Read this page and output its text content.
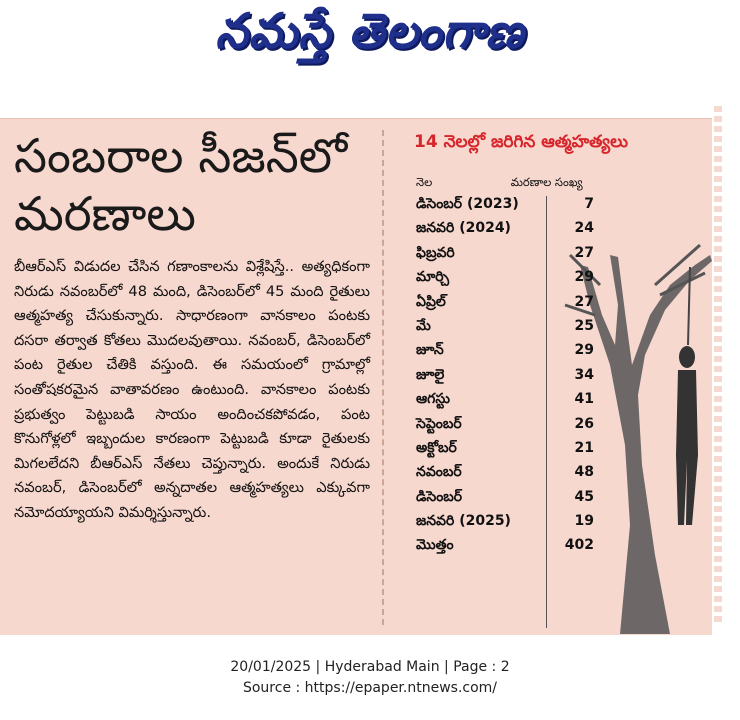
నమస్తే తెలంగాణ
సంబరాల సీజన్‌లో
మరణాలు

బీఆర్‌ఎస్ విడుదల చేసిన గణాంకాలను విశ్లేషిస్తే.. అత్యధికంగా నిరుడు నవంబర్‌లో 48 మంది, డిసెంబర్‌లో 45 మంది రైతులు ఆత్మహత్య చేసుకున్నారు. సాధారణంగా వానకాలం పంటకు దసరా తర్వాత కోతలు మొదలవుతాయి. నవంబర్, డిసెంబర్‌లో పంట రైతుల చేతికి వస్తుంది. ఈ సమయంలో గ్రామాల్లో సంతోషకరమైన వాతావరణం ఉంటుంది. వానకాలం పంటకు ప్రభుత్వం పెట్టుబడి సాయం అందించకపోవడం, పంట కొనుగోళ్లలో ఇబ్బందుల కారణంగా పెట్టుబడి కూడా రైతులకు మిగలలేదని బీఆర్‌ఎస్ నేతలు చెప్తున్నారు. అందుకే నిరుడు నవంబర్, డిసెంబర్‌లో అన్నదాతల ఆత్మహత్యలు ఎక్కువగా నమోదయ్యాయని విమర్శిస్తున్నారు.

14 నెలల్లో జరిగిన ఆత్మహత్యలు
నెల	మరణాల సంఖ్య
డిసెంబర్ (2023)	7
జనవరి (2024)	24
ఫిబ్రవరి	27
మార్చి	29
ఏప్రిల్	27
మే	25
జూన్	29
జూలై	34
ఆగస్టు	41
సెప్టెంబర్	26
అక్టోబర్	21
నవంబర్	48
డిసెంబర్	45
జనవరి (2025)	19
మొత్తం	402
20/01/2025 | Hyderabad Main | Page : 2
Source : https://epaper.ntnews.com/
